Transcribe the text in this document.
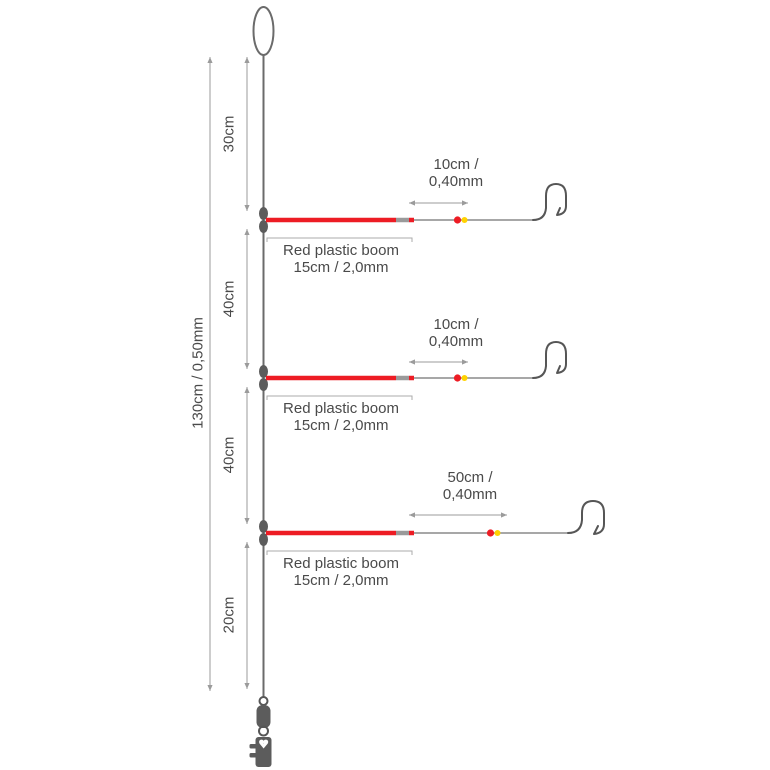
130cm / 0,50mm
30cm
40cm
40cm
20cm
10cm /
0,40mm
Red plastic boom
15cm / 2,0mm
10cm /
0,40mm
Red plastic boom
15cm / 2,0mm
50cm /
0,40mm
Red plastic boom
15cm / 2,0mm
